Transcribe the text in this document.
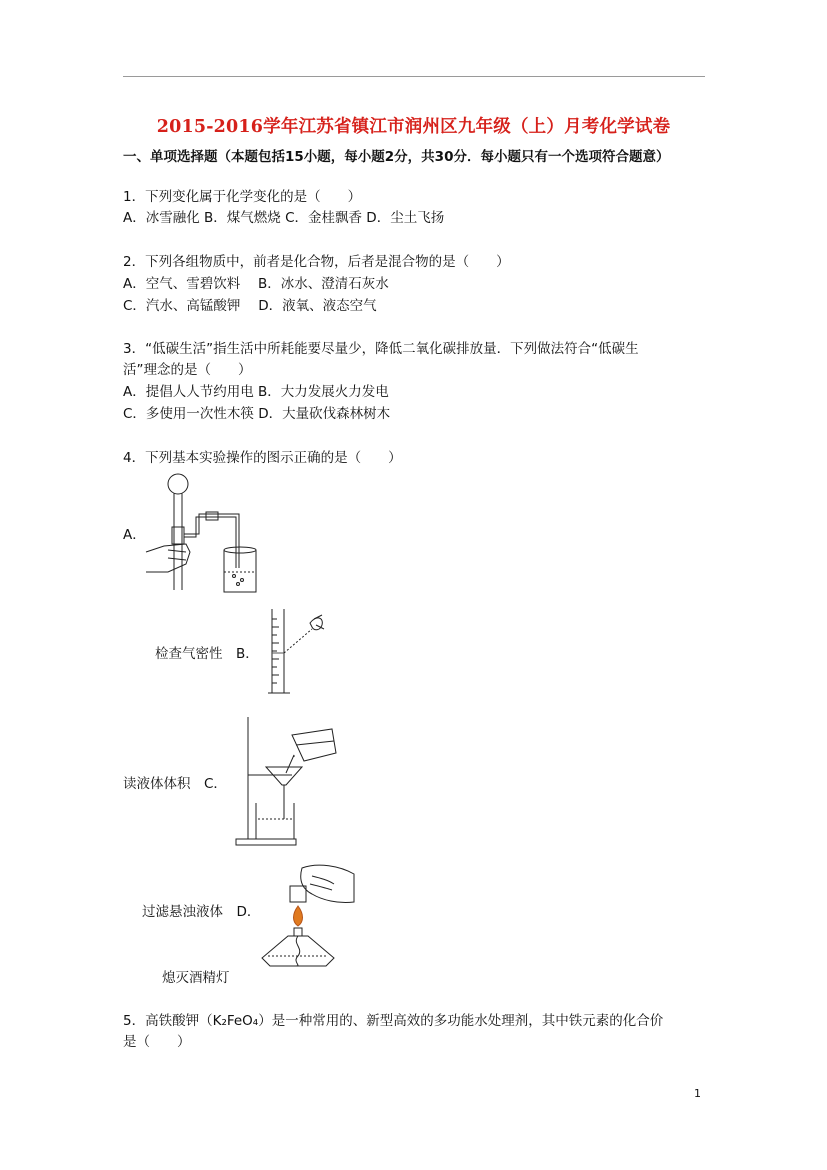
2015-2016学年江苏省镇江市润州区九年级（上）月考化学试卷
一、单项选择题（本题包括15小题，每小题2分，共30分．每小题只有一个选项符合题意）
1．下列变化属于化学变化的是（　　）
A．冰雪融化 B．煤气燃烧 C．金桂飘香 D．尘土飞扬
2．下列各组物质中，前者是化合物，后者是混合物的是（　　）
A．空气、雪碧饮料　 B．冰水、澄清石灰水
C．汽水、高锰酸钾　 D．液氧、液态空气
3．“低碳生活”指生活中所耗能要尽量少，降低二氧化碳排放量．下列做法符合“低碳生
活”理念的是（　　）
A．提倡人人节约用电 B．大力发展火力发电
C．多使用一次性木筷 D．大量砍伐森林树木
4．下列基本实验操作的图示正确的是（　　）
A．
检查气密性　B．
读液体体积　C．
过滤悬浊液体　D．
熄灭酒精灯
5．高铁酸钾（K₂FeO₄）是一种常用的、新型高效的多功能水处理剂，其中铁元素的化合价
是（　　）
1
